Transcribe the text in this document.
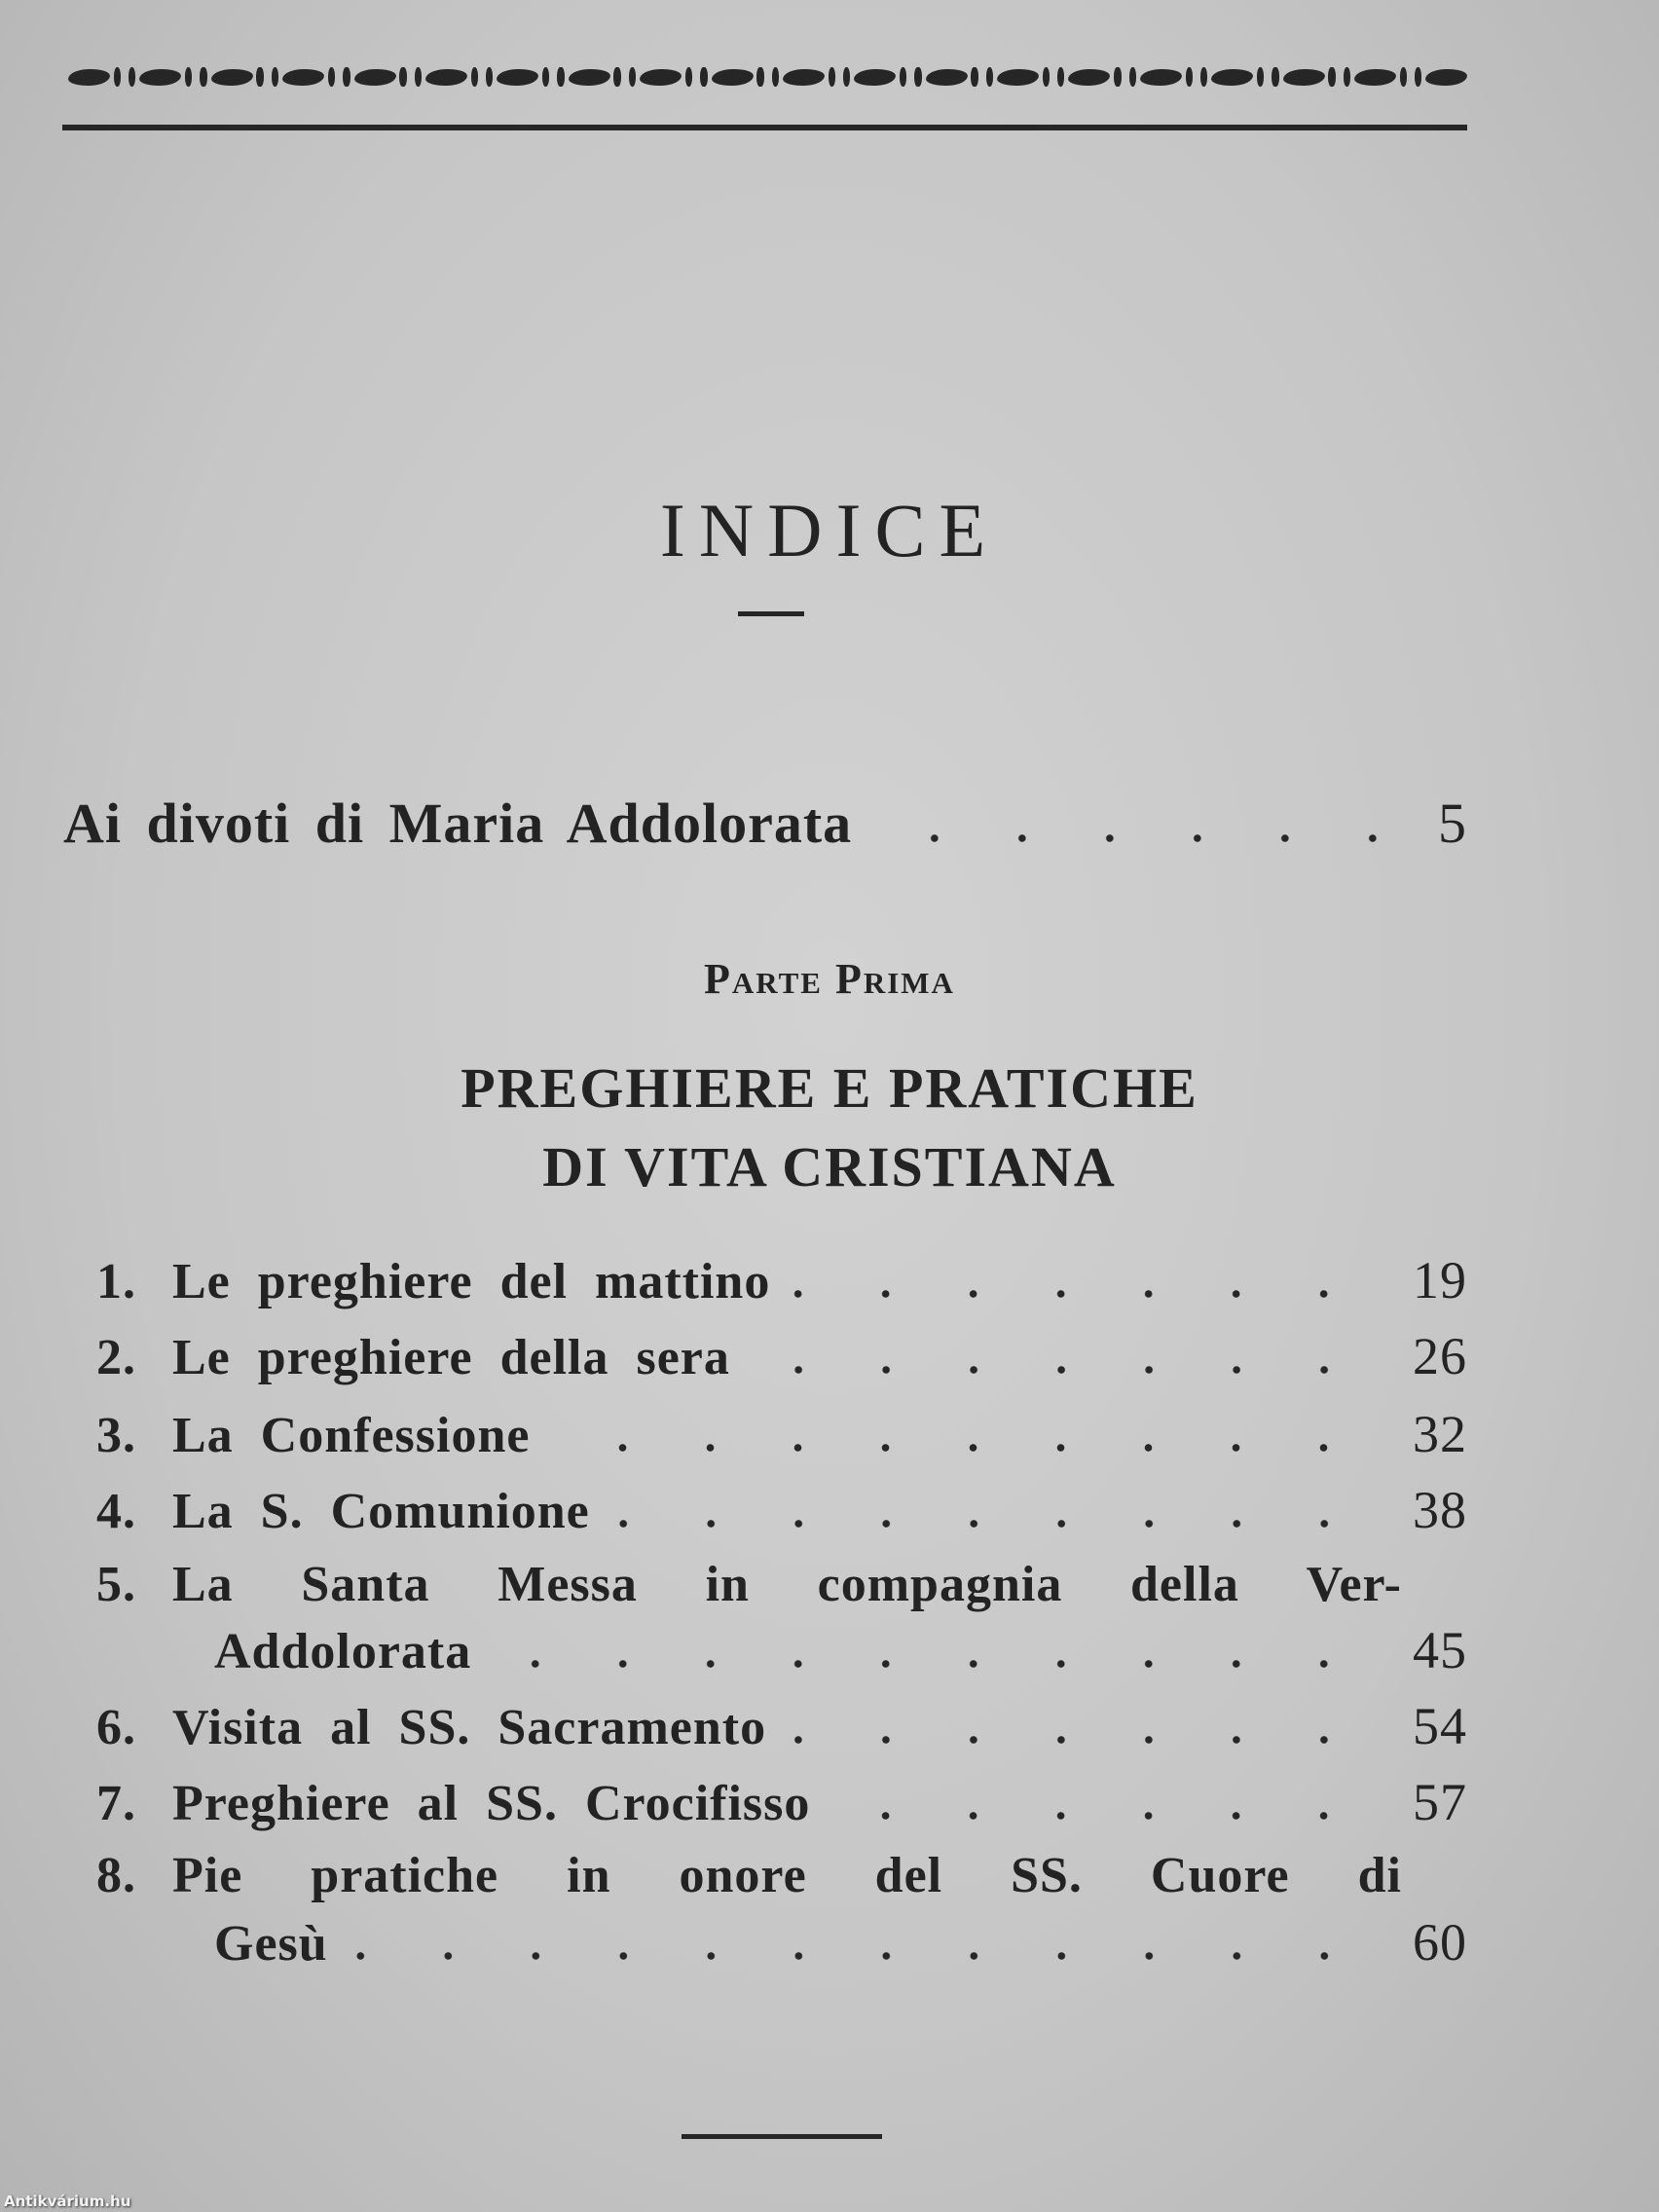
INDICE
Ai divoti di Maria Addolorata	5
Parte Prima
PREGHIERE E PRATICHE
DI VITA CRISTIANA
1. Le preghiere del mattino	19
2. Le preghiere della sera	26
3. La Confessione	32
4. La S. Comunione	38
5. La Santa Messa in compagnia della Ver-
Addolorata	45
6. Visita al SS. Sacramento	54
7. Preghiere al SS. Crocifisso	57
8. Pie pratiche in onore del SS. Cuore di
Gesù	60
Antikvárium.hu
